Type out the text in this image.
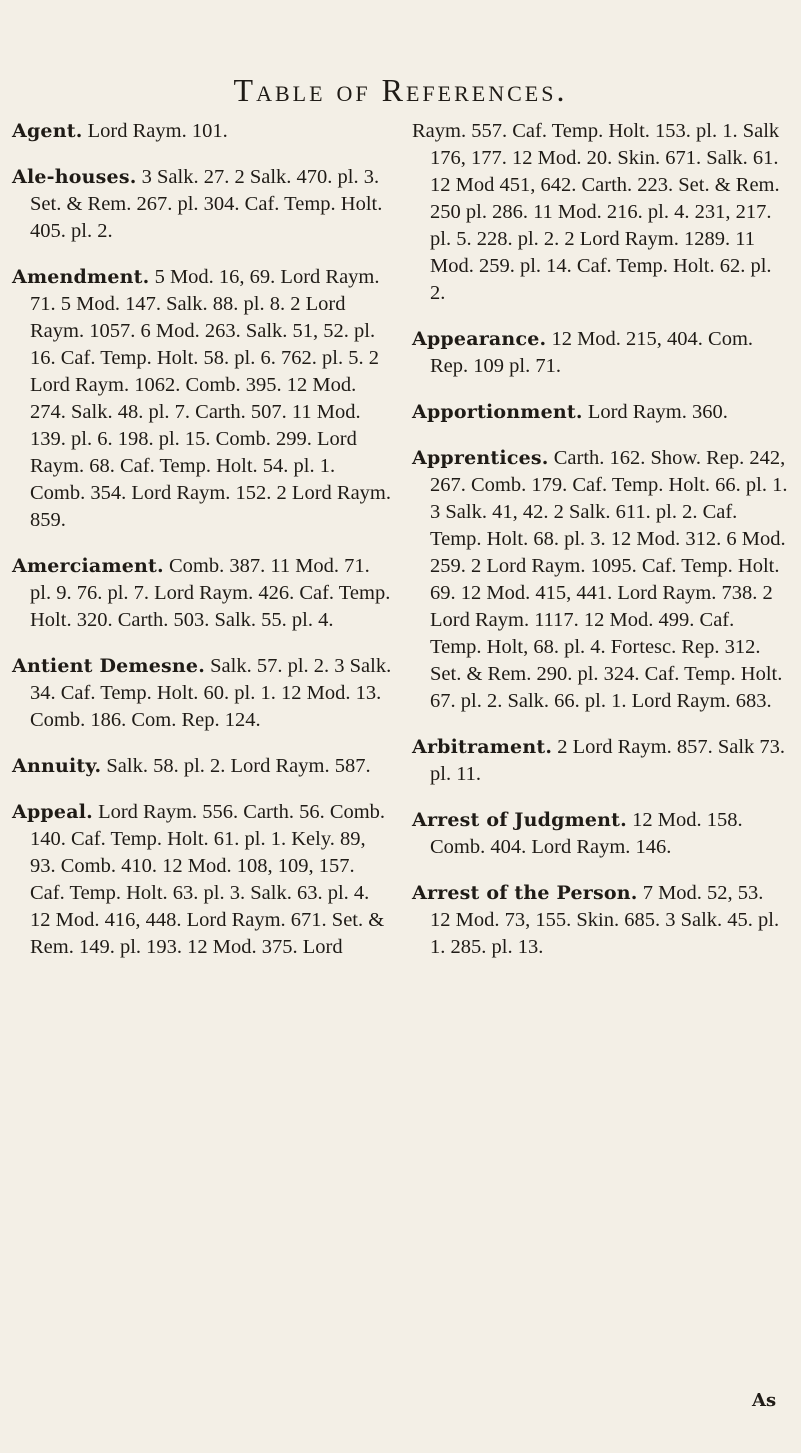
Table of References.

Agent. Lord Raym. 101.

Ale-houses. 3 Salk. 27. 2 Salk. 470. pl. 3. Set. & Rem. 267. pl. 304. Caf. Temp. Holt. 405. pl. 2.

Amendment. 5 Mod. 16, 69. Lord Raym. 71. 5 Mod. 147. Salk. 88. pl. 8. 2 Lord Raym. 1057. 6 Mod. 263. Salk. 51, 52. pl. 16. Caf. Temp. Holt. 58. pl. 6. 762. pl. 5. 2 Lord Raym. 1062. Comb. 395. 12 Mod. 274. Salk. 48. pl. 7. Carth. 507. 11 Mod. 139. pl. 6. 198. pl. 15. Comb. 299. Lord Raym. 68. Caf. Temp. Holt. 54. pl. 1. Comb. 354. Lord Raym. 152. 2 Lord Raym. 859.

Amerciament. Comb. 387. 11 Mod. 71. pl. 9. 76. pl. 7. Lord Raym. 426. Caf. Temp. Holt. 320. Carth. 503. Salk. 55. pl. 4.

Antient Demesne. Salk. 57. pl. 2. 3 Salk. 34. Caf. Temp. Holt. 60. pl. 1. 12 Mod. 13. Comb. 186. Com. Rep. 124.

Annuity. Salk. 58. pl. 2. Lord Raym. 587.

Appeal. Lord Raym. 556. Carth. 56. Comb. 140. Caf. Temp. Holt. 61. pl. 1. Kely. 89, 93. Comb. 410. 12 Mod. 108, 109, 157. Caf. Temp. Holt. 63. pl. 3. Salk. 63. pl. 4. 12 Mod. 416, 448. Lord Raym. 671. Set. & Rem. 149. pl. 193. 12 Mod. 375. Lord

Raym. 557. Caf. Temp. Holt. 153. pl. 1. Salk 176, 177. 12 Mod. 20. Skin. 671. Salk. 61. 12 Mod 451, 642. Carth. 223. Set. & Rem. 250 pl. 286. 11 Mod. 216. pl. 4. 231, 217. pl. 5. 228. pl. 2. 2 Lord Raym. 1289. 11 Mod. 259. pl. 14. Caf. Temp. Holt. 62. pl. 2.

Appearance. 12 Mod. 215, 404. Com. Rep. 109 pl. 71.

Apportionment. Lord Raym. 360.

Apprentices. Carth. 162. Show. Rep. 242, 267. Comb. 179. Caf. Temp. Holt. 66. pl. 1. 3 Salk. 41, 42. 2 Salk. 611. pl. 2. Caf. Temp. Holt. 68. pl. 3. 12 Mod. 312. 6 Mod. 259. 2 Lord Raym. 1095. Caf. Temp. Holt. 69. 12 Mod. 415, 441. Lord Raym. 738. 2 Lord Raym. 1117. 12 Mod. 499. Caf. Temp. Holt, 68. pl. 4. Fortesc. Rep. 312. Set. & Rem. 290. pl. 324. Caf. Temp. Holt. 67. pl. 2. Salk. 66. pl. 1. Lord Raym. 683.

Arbitrament. 2 Lord Raym. 857. Salk 73. pl. 11.

Arrest of Judgment. 12 Mod. 158. Comb. 404. Lord Raym. 146.

Arrest of the Person. 7 Mod. 52, 53. 12 Mod. 73, 155. Skin. 685. 3 Salk. 45. pl. 1. 285. pl. 13.

As
